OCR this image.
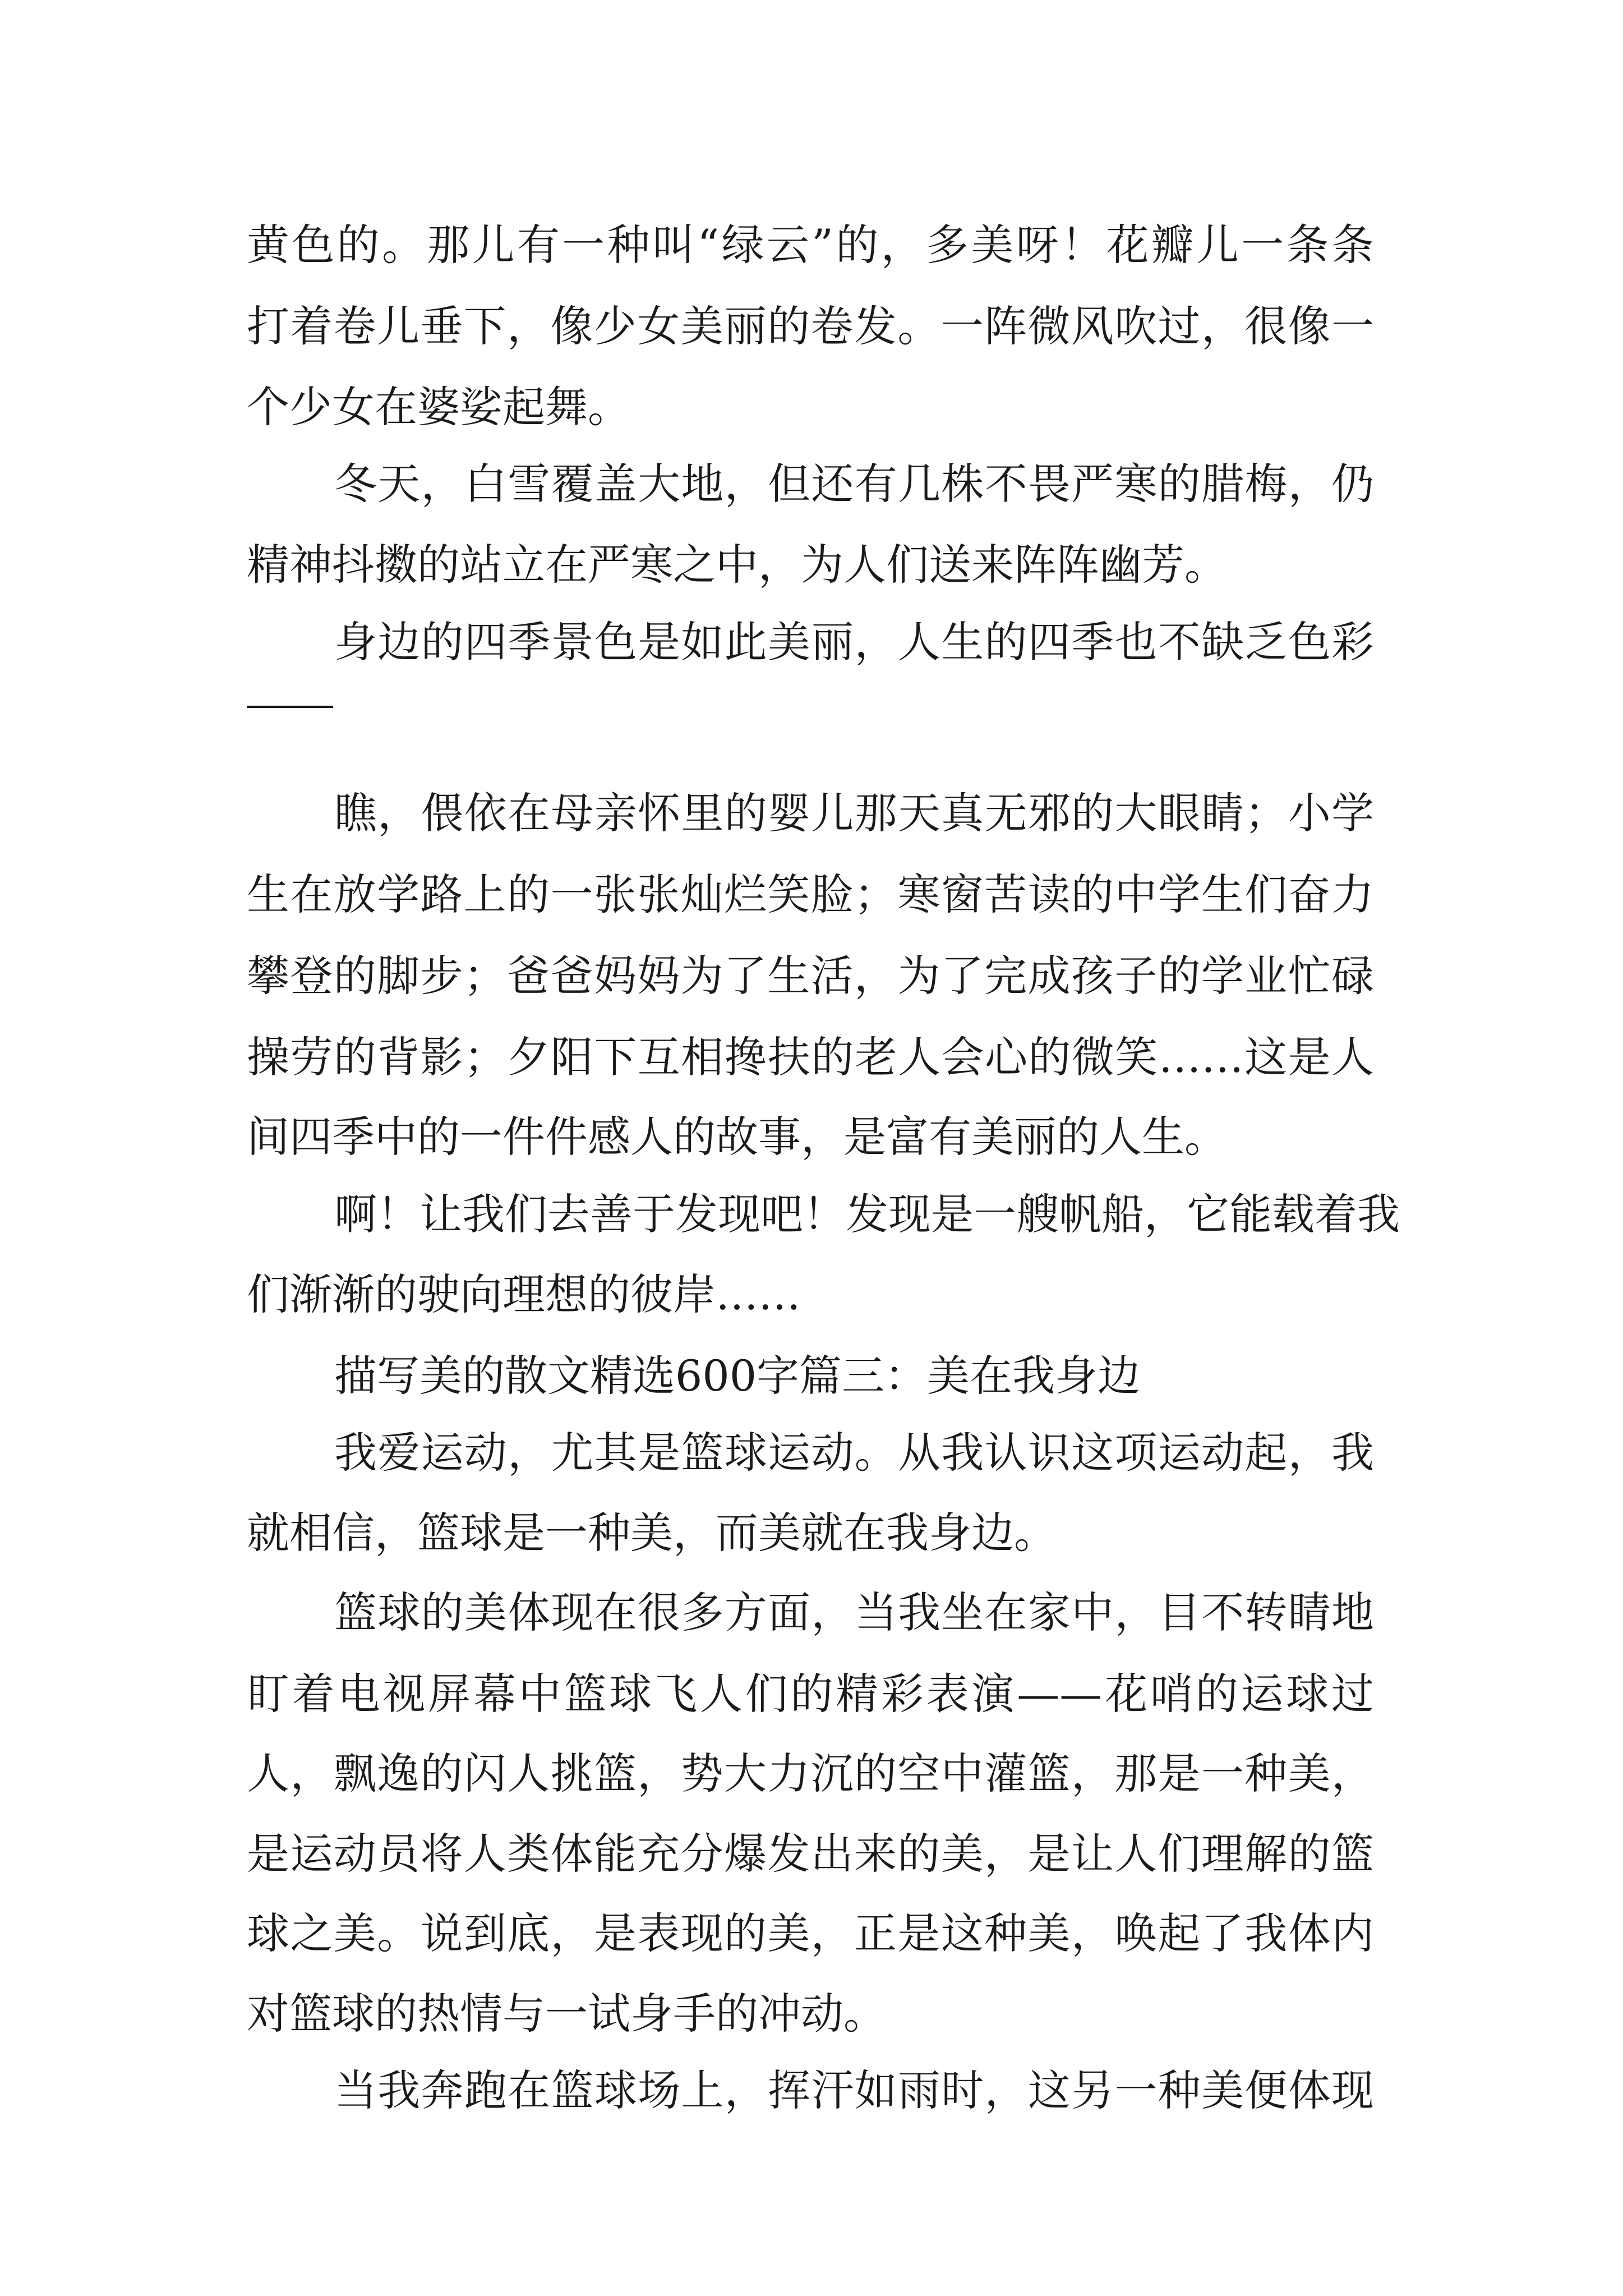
黄色的。那儿有一种叫“绿云”的，多美呀！花瓣儿一条条
打着卷儿垂下，像少女美丽的卷发。一阵微风吹过，很像一
个少女在婆娑起舞。
冬天，白雪覆盖大地，但还有几株不畏严寒的腊梅，仍
精神抖擞的站立在严寒之中，为人们送来阵阵幽芳。
身边的四季景色是如此美丽，人生的四季也不缺乏色彩
瞧，偎依在母亲怀里的婴儿那天真无邪的大眼睛；小学
生在放学路上的一张张灿烂笑脸；寒窗苦读的中学生们奋力
攀登的脚步；爸爸妈妈为了生活，为了完成孩子的学业忙碌
操劳的背影；夕阳下互相搀扶的老人会心的微笑……这是人
间四季中的一件件感人的故事，是富有美丽的人生。
啊！让我们去善于发现吧！发现是一艘帆船，它能载着我
们渐渐的驶向理想的彼岸……
描写美的散文精选600字篇三：美在我身边
我爱运动，尤其是篮球运动。从我认识这项运动起，我
就相信，篮球是一种美，而美就在我身边。
篮球的美体现在很多方面，当我坐在家中，目不转睛地
盯着电视屏幕中篮球飞人们的精彩表演——花哨的运球过
人，飘逸的闪人挑篮，势大力沉的空中灌篮，那是一种美，
是运动员将人类体能充分爆发出来的美，是让人们理解的篮
球之美。说到底，是表现的美，正是这种美，唤起了我体内
对篮球的热情与一试身手的冲动。
当我奔跑在篮球场上，挥汗如雨时，这另一种美便体现
